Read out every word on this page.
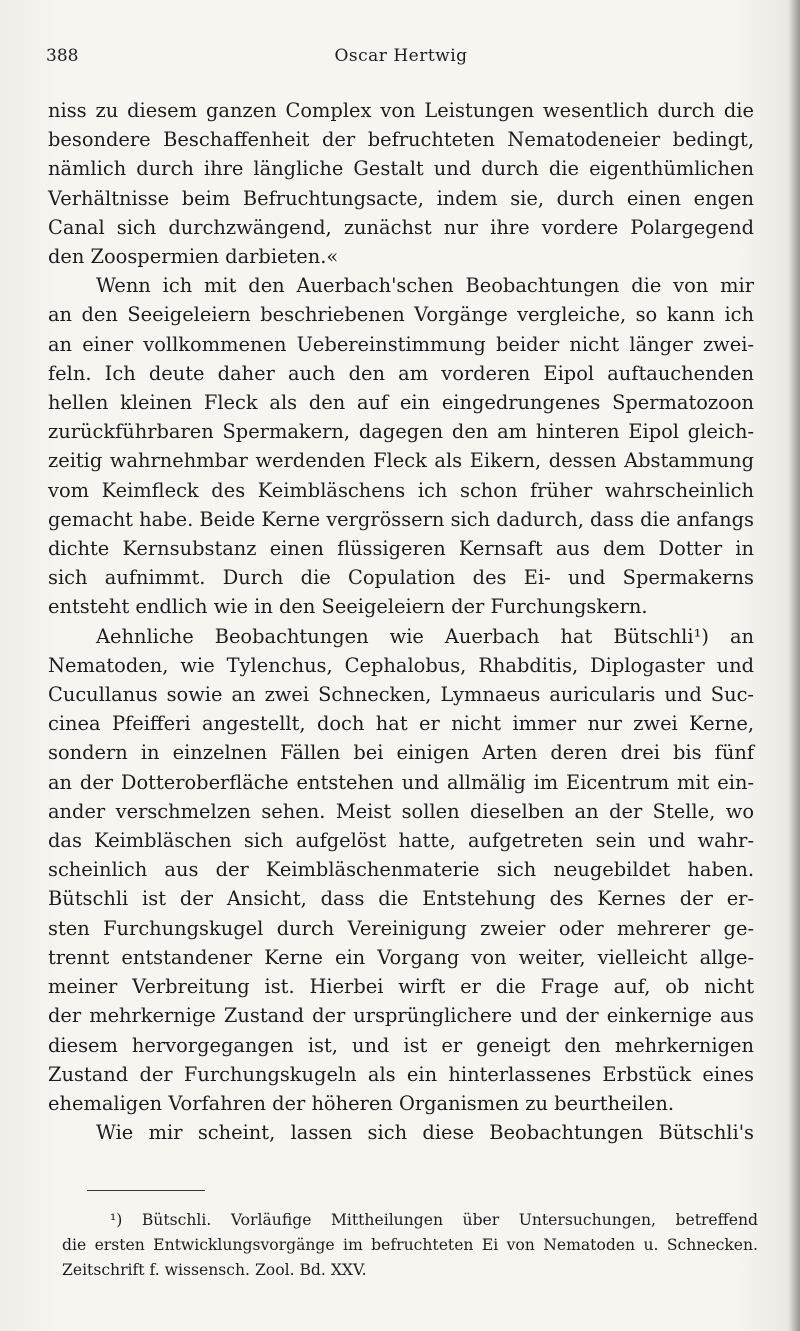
388	Oscar Hertwig
niss zu diesem ganzen Complex von Leistungen wesentlich durch die
besondere Beschaffenheit der befruchteten Nematodeneier bedingt,
nämlich durch ihre längliche Gestalt und durch die eigenthümlichen
Verhältnisse beim Befruchtungsacte, indem sie, durch einen engen
Canal sich durchzwängend, zunächst nur ihre vordere Polargegend
den Zoospermien darbieten.«
Wenn ich mit den Auerbach'schen Beobachtungen die von mir
an den Seeigeleiern beschriebenen Vorgänge vergleiche, so kann ich
an einer vollkommenen Uebereinstimmung beider nicht länger zwei-
feln. Ich deute daher auch den am vorderen Eipol auftauchenden
hellen kleinen Fleck als den auf ein eingedrungenes Spermatozoon
zurückführbaren Spermakern, dagegen den am hinteren Eipol gleich-
zeitig wahrnehmbar werdenden Fleck als Eikern, dessen Abstammung
vom Keimfleck des Keimbläschens ich schon früher wahrscheinlich
gemacht habe. Beide Kerne vergrössern sich dadurch, dass die anfangs
dichte Kernsubstanz einen flüssigeren Kernsaft aus dem Dotter in
sich aufnimmt. Durch die Copulation des Ei- und Spermakerns
entsteht endlich wie in den Seeigeleiern der Furchungskern.
Aehnliche Beobachtungen wie Auerbach hat Bütschli¹) an
Nematoden, wie Tylenchus, Cephalobus, Rhabditis, Diplogaster und
Cucullanus sowie an zwei Schnecken, Lymnaeus auricularis und Suc-
cinea Pfeifferi angestellt, doch hat er nicht immer nur zwei Kerne,
sondern in einzelnen Fällen bei einigen Arten deren drei bis fünf
an der Dotteroberfläche entstehen und allmälig im Eicentrum mit ein-
ander verschmelzen sehen. Meist sollen dieselben an der Stelle, wo
das Keimbläschen sich aufgelöst hatte, aufgetreten sein und wahr-
scheinlich aus der Keimbläschenmaterie sich neugebildet haben.
Bütschli ist der Ansicht, dass die Entstehung des Kernes der er-
sten Furchungskugel durch Vereinigung zweier oder mehrerer ge-
trennt entstandener Kerne ein Vorgang von weiter, vielleicht allge-
meiner Verbreitung ist. Hierbei wirft er die Frage auf, ob nicht
der mehrkernige Zustand der ursprünglichere und der einkernige aus
diesem hervorgegangen ist, und ist er geneigt den mehrkernigen
Zustand der Furchungskugeln als ein hinterlassenes Erbstück eines
ehemaligen Vorfahren der höheren Organismen zu beurtheilen.
Wie mir scheint, lassen sich diese Beobachtungen Bütschli's
¹) Bütschli. Vorläufige Mittheilungen über Untersuchungen, betreffend
die ersten Entwicklungsvorgänge im befruchteten Ei von Nematoden u. Schnecken.
Zeitschrift f. wissensch. Zool. Bd. XXV.
